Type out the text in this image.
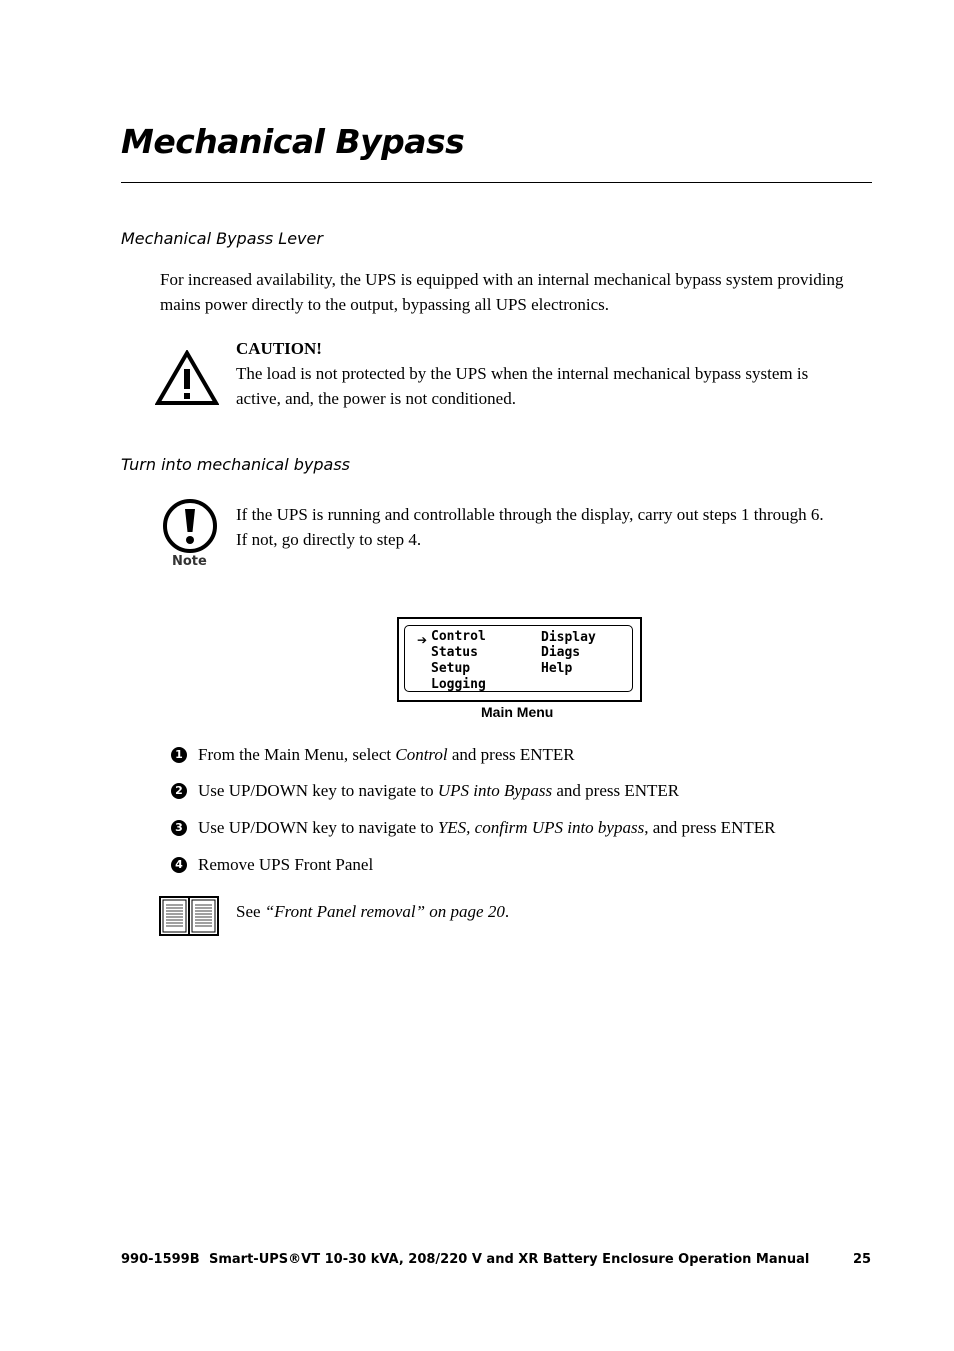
Mechanical Bypass
Mechanical Bypass Lever
For increased availability, the UPS is equipped with an internal mechanical bypass system providing
mains power directly to the output, bypassing all UPS electronics.
CAUTION!
The load is not protected by the UPS when the internal mechanical bypass system is
active, and, the power is not conditioned.
Turn into mechanical bypass
Note
If the UPS is running and controllable through the display, carry out steps 1 through 6.
If not, go directly to step 4.
➔ Control
Status
Setup
Logging
Display
Diags
Help
Main Menu
1 From the Main Menu, select Control and press ENTER
2 Use UP/DOWN key to navigate to UPS into Bypass and press ENTER
3 Use UP/DOWN key to navigate to YES, confirm UPS into bypass, and press ENTER
4 Remove UPS Front Panel
See “Front Panel removal” on page 20.
990-1599B Smart-UPS®VT 10-30 kVA, 208/220 V and XR Battery Enclosure Operation Manual	25
